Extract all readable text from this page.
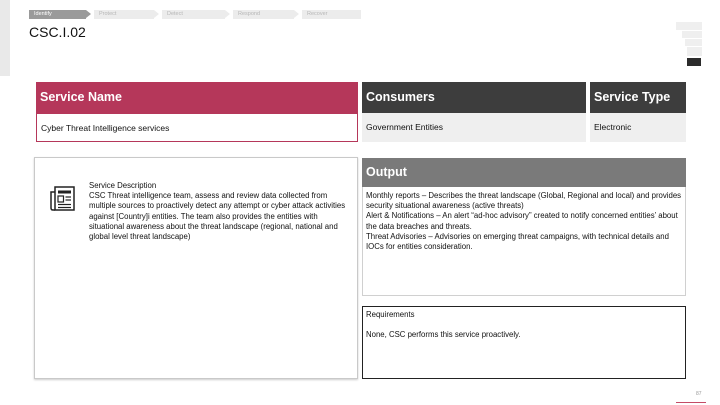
Identify	Protect	Detect	Respond	Recover
CSC.I.02
Service Name
Cyber Threat Intelligence services
Consumers
Government Entities
Service Type
Electronic
Service Description
CSC Threat intelligence team, assess and review data collected from multiple sources to proactively detect any attempt or cyber attack activities against [Country]i entities. The team also provides the entities with situational awareness about the threat landscape (regional, national and global level threat landscape)
Output
Monthly reports – Describes the threat landscape (Global, Regional and local) and provides security situational awareness (active threats)
Alert & Notifications – An alert “ad-hoc advisory” created to notify concerned entities’ about the data breaches and threats.
Threat Advisories – Advisories on emerging threat campaigns, with technical details and IOCs for entities consideration.
Requirements
None, CSC performs this service proactively.
87
